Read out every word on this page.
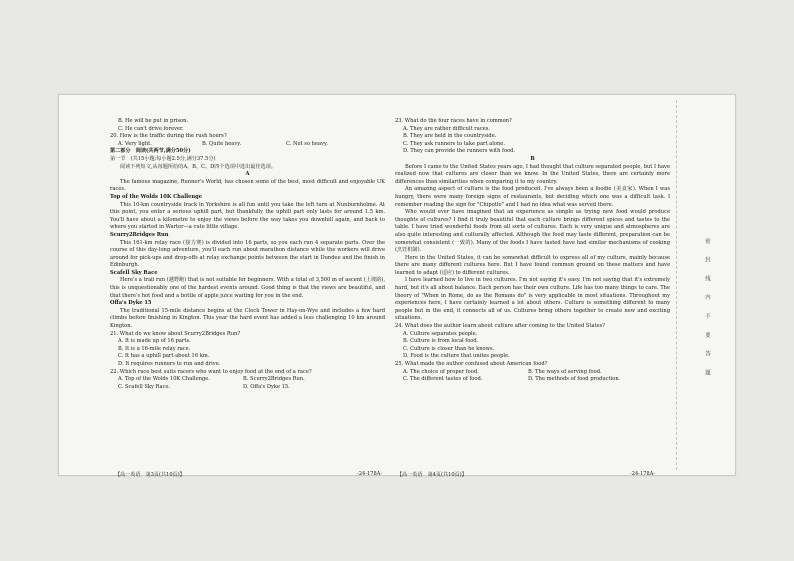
密　封　线　内　不　要　答　题

B. He will be put in prison.

C. He can't drive forever.

20. How is the traffic during the rush hours?

A. Very light.	B. Quite heavy.	C. Not so heavy.

第二部分　阅读(共两节,满分50分)

第一节　(共15小题;每小题2.5分,满分37.5分)

阅读下列短文,从每题所给的A、B、C、D四个选项中选出最佳选项。

A

The famous magazine, Runner's World, has chosen some of the best, most difficult and enjoyable UK races.

Top of the Wolds 10K Challenge

This 10-km countryside track in Yorkshire is all fun until you take the left turn at Nunburnholme. At this point, you enter a serious uphill part, but thankfully the uphill part only lasts for around 1.5 km. You'll have about a kilometre to enjoy the views before the way takes you downhill again, and back to where you started in Warter—a cute little village.

Scurry2Bridges Run

This 161-km relay race (接力赛) is divided into 16 parts, so you each run 4 separate parts. Over the course of this day-long adventure, you'll each run about marathon distance while the workers will drive around for pick-ups and drop-offs at relay exchange points between the start in Dundee and the finish in Edinburgh.

Scafell Sky Race

Here's a trail run (越野跑) that is not suitable for beginners. With a total of 3,500 m of ascent (上坡路), this is unquestionably one of the hardest events around. Good thing is that the views are beautiful, and that there's hot food and a bottle of apple juice waiting for you in the end.

Offa's Dyke 15

The traditional 15-mile distance begins at the Clock Tower in Hay-on-Wye and includes a few hard climbs before finishing in Kington. This year the hard event has added a less challenging 10 km around Kington.

21. What do we know about Scurry2Bridges Run?

A. It is made up of 16 parts.

B. It is a 16-mile relay race.

C. It has a uphill part about 16 km.

D. It requires runners to run and drive.

22. Which race best suits racers who want to enjoy food at the end of a race?

A. Top of the Wolds 10K Challenge.	B. Scurry2Bridges Run.
C. Scafell Sky Race.	D. Offa's Dyke 15.

23. What do the four races have in common?

A. They are rather difficult races.

B. They are held in the countryside.

C. They ask runners to take part alone.

D. They can provide the runners with food.

B

Before I came to the United States years ago, I had thought that culture separated people, but I have realized now that cultures are closer than we know. In the United States, there are certainly more differences than similarities when comparing it to my country.

An amazing aspect of culture is the food produced. I've always been a foodie (美食家). When I was hungry, there were many foreign signs of restaurants, but deciding which one was a difficult task. I remember reading the sign for "Chipotle" and I had no idea what was served there.

Who would ever have imagined that an experience as simple as trying new food would produce thoughts of cultures? I find it truly beautiful that each culture brings different spices and tastes to the table. I have tried wonderful foods from all sorts of cultures. Each is very unique and atmospheres are also quite interesting and culturally affected. Although the food may taste different, preparation can be somewhat consistent (一致的). Many of the foods I have tasted have had similar mechanisms of cooking (烹饪机制).

Here in the United States, it can be somewhat difficult to express all of my culture, mainly because there are many different cultures here. But I have found common ground on these matters and have learned to adapt (适应) to different cultures.

I have learned how to live in two cultures. I'm not saying it's easy. I'm not saying that it's extremely hard, but it's all about balance. Each person has their own culture. Life has too many things to care. The theory of "When in Rome, do as the Romans do" is very applicable in most situations. Throughout my experiences here, I have certainly learned a lot about others. Culture is something different to many people but in the end, it connects all of us. Cultures bring others together to create new and exciting situations.

24. What does the author learn about culture after coming to the United States?

A. Culture separates people.

B. Culture is from local food.

C. Culture is closer than he knows.

D. Food is the culture that unites people.

25. What made the author confused about American food?

A. The choice of proper food.	B. The ways of serving food.
C. The different tastes of food.	D. The methods of food production.
【高一英语　第3页(共10页)】	·24-178A·	【高一英语　第4页(共10页)】	·24-178A·
